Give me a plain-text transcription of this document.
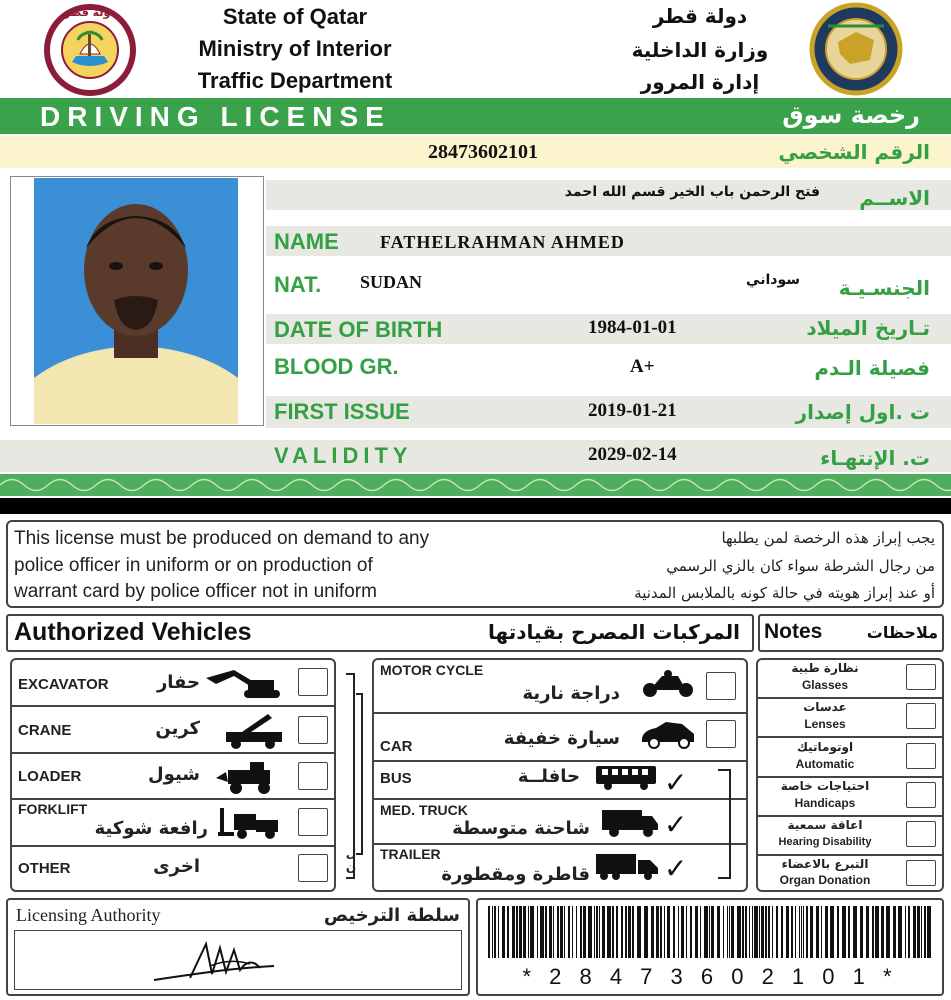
دولة قطر	State of Qatar
Ministry of Interior
Traffic Department
دولة قطر
وزارة الداخلية
إدارة المرور
DRIVING LICENSE	رخصة سوق
28473602101	الرقم الشخصي
فتح الرحمن باب الخير قسم الله احمد	الاســم
NAME FATHELRAHMAN AHMED
NAT. SUDAN	سوداني	الجنسـيـة
DATE OF BIRTH	1984-01-01	تـاريخ الميلاد
BLOOD GR.	A+	فصيلة الـدم
FIRST ISSUE	2019-01-21	ت .اول إصدار
VALIDITY	2029-02-14	ت. الإنتهـاء
This license must be produced on demand to any
police officer in uniform or on production of
warrant card by police officer not in uniform
يجب إبراز هذه الرخصة لمن يطلبها
من رجال الشرطة سواء كان بالزي الرسمي
أو عند إبراز هويته في حالة كونه بالملابس المدنية
Authorized Vehicles	المركبات المصرح بقيادتها Notes	ملاحظات
EXCAVATOR	حفار
CRANE	كرين
LOADER	شيول
FORKLIFT
رافعة شوكية
OTHER	اخرى
ل ن
MOTOR CYCLE
دراجة نارية
CAR	سيارة خفيفة
BUS	حافلــة	✓
MED. TRUCK
شاحنة متوسطة	✓
TRAILER
قاطرة ومقطورة	✓
نظارة طبية
Glasses
عدسات
Lenses
اوتوماتيك
Automatic
احتياجات خاصة
Handicaps
اعاقة سمعية
Hearing Disability
التبرع بالاعضاء
Organ Donation
Licensing Authority	سلطة الترخيص
* 2 8 4 7 3 6 0 2 1 0 1 *
